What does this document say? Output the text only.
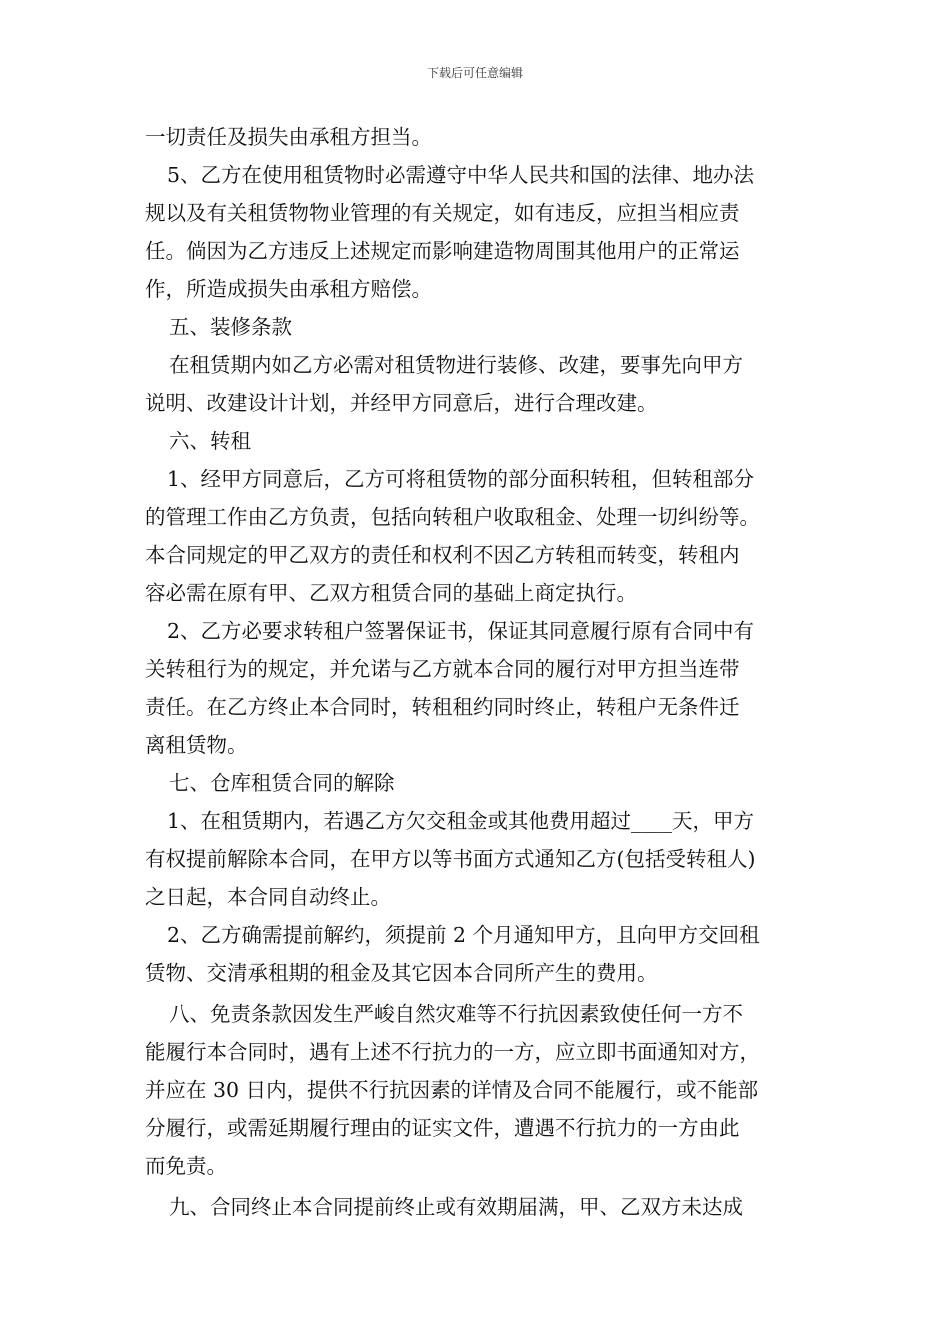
下载后可任意编辑
一切责任及损失由承租方担当。
5、乙方在使用租赁物时必需遵守中华人民共和国的法律、地办法
规以及有关租赁物物业管理的有关规定，如有违反，应担当相应责
任。倘因为乙方违反上述规定而影响建造物周围其他用户的正常运
作，所造成损失由承租方赔偿。
五、装修条款
在租赁期内如乙方必需对租赁物进行装修、改建，要事先向甲方
说明、改建设计计划，并经甲方同意后，进行合理改建。
六、转租
1、经甲方同意后，乙方可将租赁物的部分面积转租，但转租部分
的管理工作由乙方负责，包括向转租户收取租金、处理一切纠纷等。
本合同规定的甲乙双方的责任和权利不因乙方转租而转变，转租内
容必需在原有甲、乙双方租赁合同的基础上商定执行。
2、乙方必要求转租户签署保证书，保证其同意履行原有合同中有
关转租行为的规定，并允诺与乙方就本合同的履行对甲方担当连带
责任。在乙方终止本合同时，转租租约同时终止，转租户无条件迁
离租赁物。
七、仓库租赁合同的解除
1、在租赁期内，若遇乙方欠交租金或其他费用超过____天，甲方
有权提前解除本合同，在甲方以等书面方式通知乙方(包括受转租人)
之日起，本合同自动终止。
2、乙方确需提前解约，须提前 2 个月通知甲方，且向甲方交回租
赁物、交清承租期的租金及其它因本合同所产生的费用。
八、免责条款因发生严峻自然灾难等不行抗因素致使任何一方不
能履行本合同时，遇有上述不行抗力的一方，应立即书面通知对方，
并应在 30 日内，提供不行抗因素的详情及合同不能履行，或不能部
分履行，或需延期履行理由的证实文件，遭遇不行抗力的一方由此
而免责。
九、合同终止本合同提前终止或有效期届满，甲、乙双方未达成
